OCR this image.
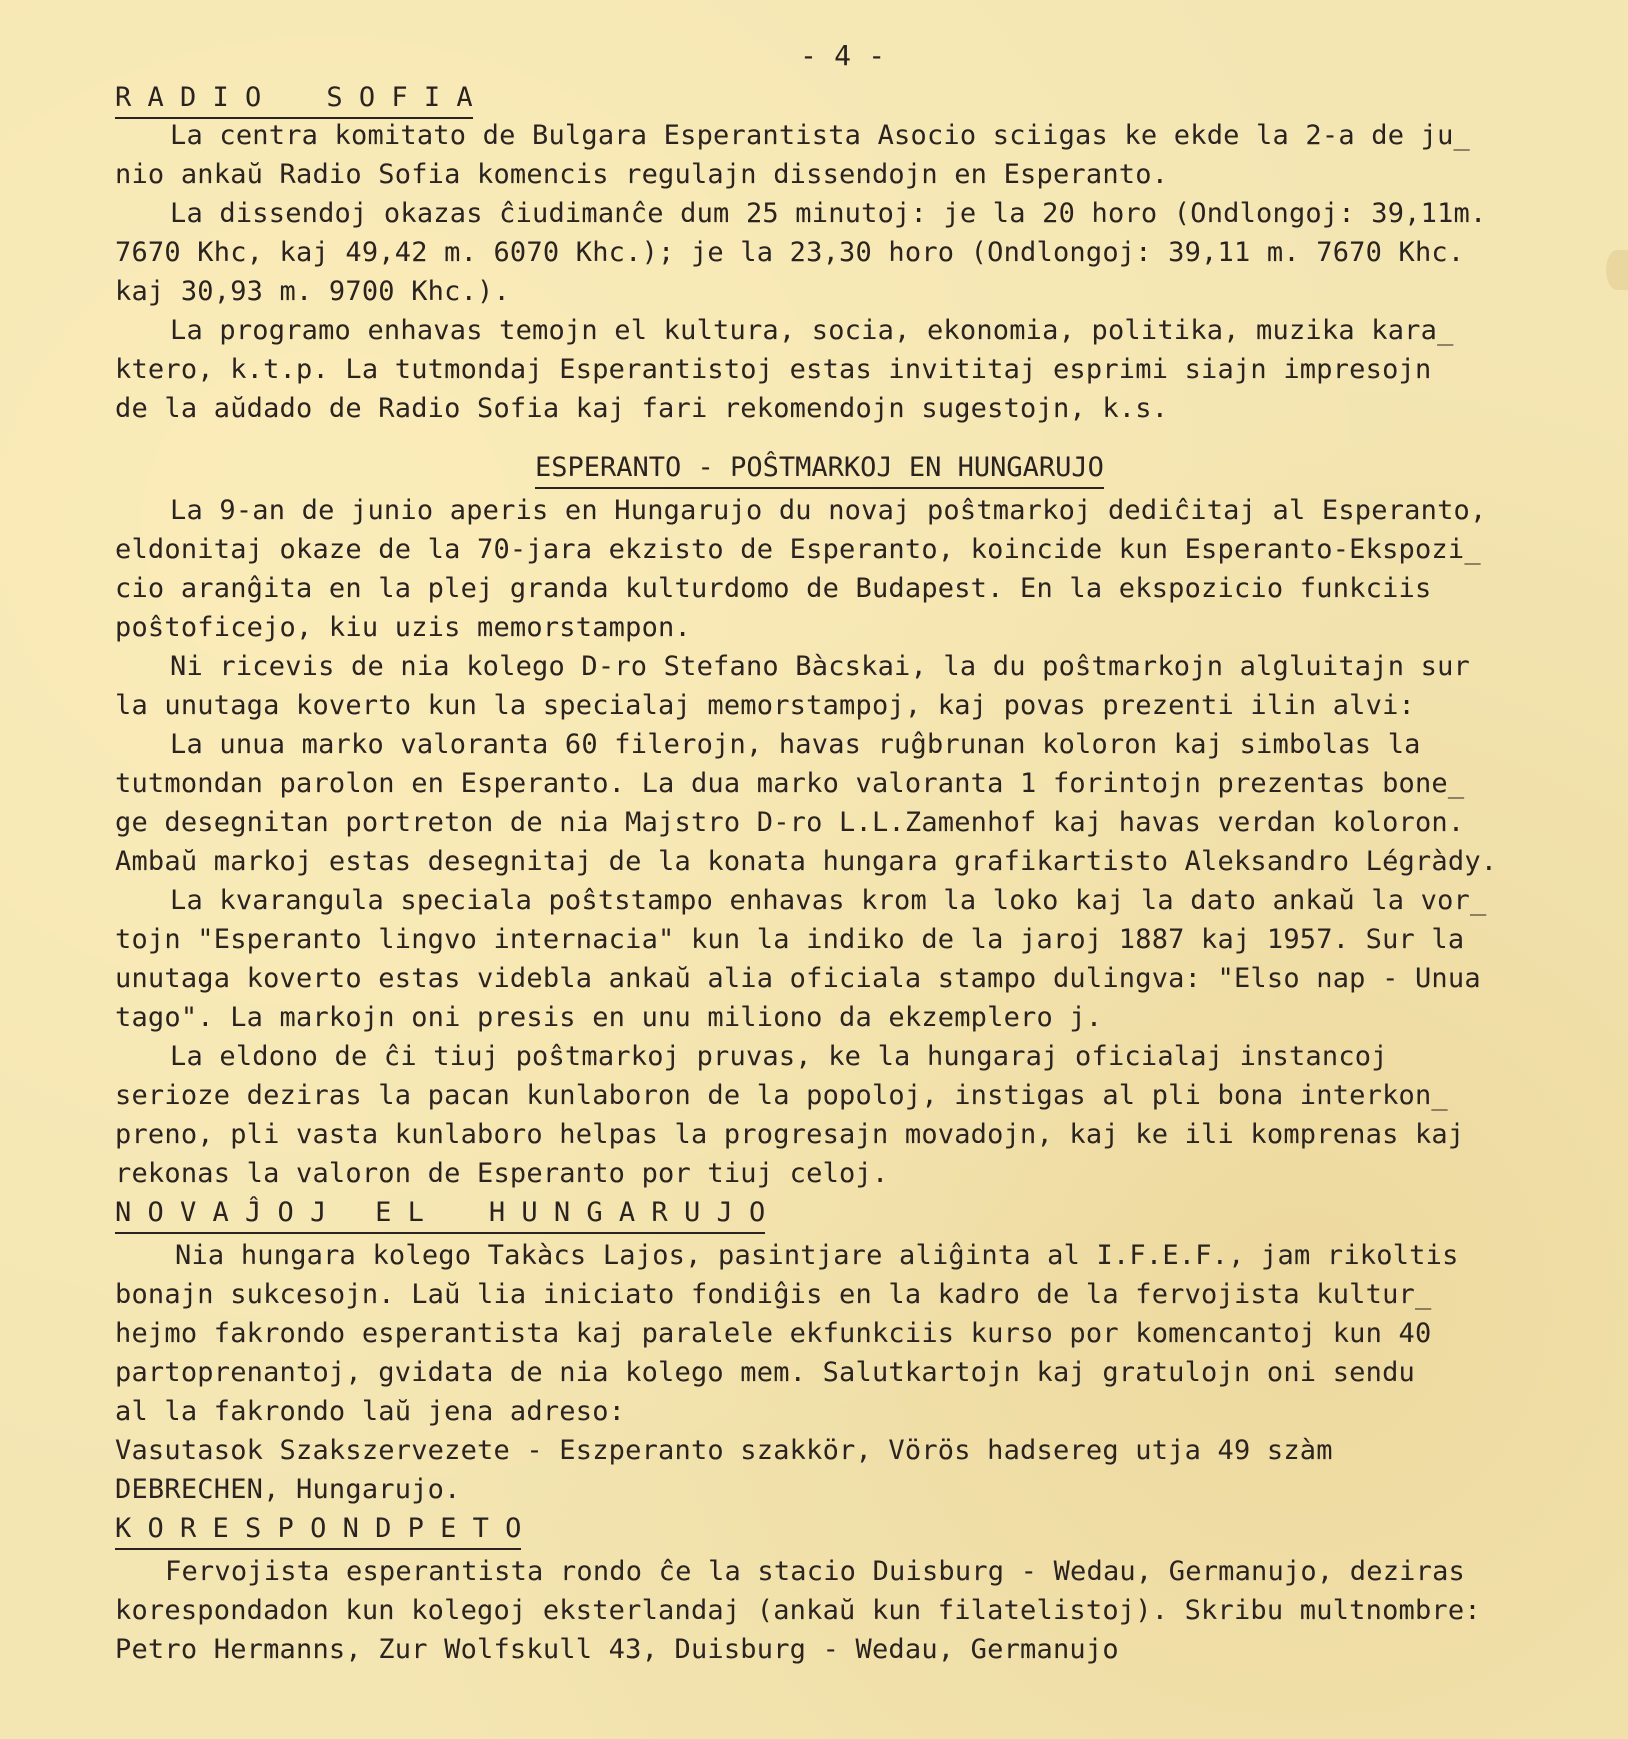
- 4 -
R A D I O    S O F I A
La centra komitato de Bulgara Esperantista Asocio sciigas ke ekde la 2-a de ju_
nio ankaŭ Radio Sofia komencis regulajn dissendojn en Esperanto.
La dissendoj okazas ĉiudimanĉe dum 25 minutoj: je la 20 horo (Ondlongoj: 39,11m.
7670 Khc, kaj 49,42 m. 6070 Khc.); je la 23,30 horo (Ondlongoj: 39,11 m. 7670 Khc.
kaj 30,93 m. 9700 Khc.).
La programo enhavas temojn el kultura, socia, ekonomia, politika, muzika kara_
ktero, k.t.p. La tutmondaj Esperantistoj estas invititaj esprimi siajn impresojn
de la aŭdado de Radio Sofia kaj fari rekomendojn sugestojn, k.s.
ESPERANTO - POŜTMARKOJ EN HUNGARUJO
La 9-an de junio aperis en Hungarujo du novaj poŝtmarkoj dediĉitaj al Esperanto,
eldonitaj okaze de la 70-jara ekzisto de Esperanto, koincide kun Esperanto-Ekspozi_
cio aranĝita en la plej granda kulturdomo de Budapest. En la ekspozicio funkciis
poŝtoficejo, kiu uzis memorstampon.
Ni ricevis de nia kolego D-ro Stefano Bàcskai, la du poŝtmarkojn algluitajn sur
la unutaga koverto kun la specialaj memorstampoj, kaj povas prezenti ilin alvi:
La unua marko valoranta 60 filerojn, havas ruĝbrunan koloron kaj simbolas la
tutmondan parolon en Esperanto. La dua marko valoranta 1 forintojn prezentas bone_
ge desegnitan portreton de nia Majstro D-ro L.L.Zamenhof kaj havas verdan koloron.
Ambaŭ markoj estas desegnitaj de la konata hungara grafikartisto Aleksandro Légràdy.
La kvarangula speciala poŝtstampo enhavas krom la loko kaj la dato ankaŭ la vor_
tojn "Esperanto lingvo internacia" kun la indiko de la jaroj 1887 kaj 1957. Sur la
unutaga koverto estas videbla ankaŭ alia oficiala stampo dulingva: "Elso nap - Unua
tago". La markojn oni presis en unu miliono da ekzemplero j.
La eldono de ĉi tiuj poŝtmarkoj pruvas, ke la hungaraj oficialaj instancoj
serioze deziras la pacan kunlaboron de la popoloj, instigas al pli bona interkon_
preno, pli vasta kunlaboro helpas la progresajn movadojn, kaj ke ili komprenas kaj
rekonas la valoron de Esperanto por tiuj celoj.
N O V A Ĵ O J   E L    H U N G A R U J O
Nia hungara kolego Takàcs Lajos, pasintjare aliĝinta al I.F.E.F., jam rikoltis
bonajn sukcesojn. Laŭ lia iniciato fondiĝis en la kadro de la fervojista kultur_
hejmo fakrondo esperantista kaj paralele ekfunkciis kurso por komencantoj kun 40
partoprenantoj, gvidata de nia kolego mem. Salutkartojn kaj gratulojn oni sendu
al la fakrondo laŭ jena adreso:
Vasutasok Szakszervezete - Eszperanto szakkör, Vörös hadsereg utja 49 szàm
DEBRECHEN, Hungarujo.
K O R E S P O N D P E T O
Fervojista esperantista rondo ĉe la stacio Duisburg - Wedau, Germanujo, deziras
korespondadon kun kolegoj eksterlandaj (ankaŭ kun filatelistoj). Skribu multnombre:
Petro Hermanns, Zur Wolfskull 43, Duisburg - Wedau, Germanujo
